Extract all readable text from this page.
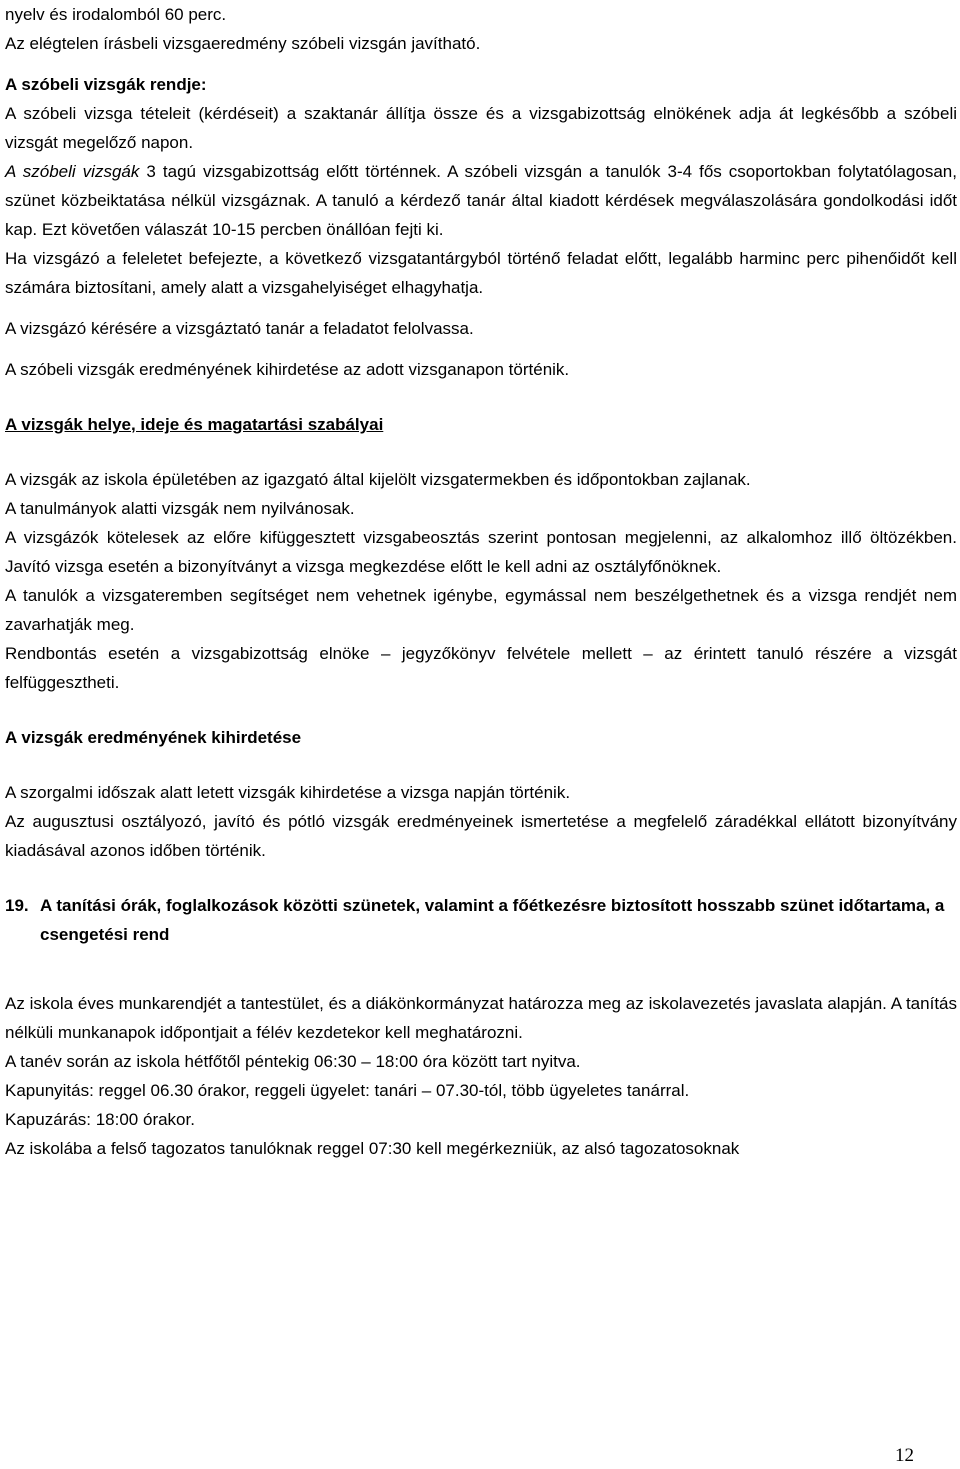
nyelv és irodalomból 60 perc.

Az elégtelen írásbeli vizsgaeredmény szóbeli vizsgán javítható.

A szóbeli vizsgák rendje:

A szóbeli vizsga tételeit (kérdéseit) a szaktanár állítja össze és a vizsgabizottság elnökének adja át legkésőbb a szóbeli vizsgát megelőző napon.

A szóbeli vizsgák 3 tagú vizsgabizottság előtt történnek. A szóbeli vizsgán a tanulók 3-4 fős csoportokban folytatólagosan, szünet közbeiktatása nélkül vizsgáznak. A tanuló a kérdező tanár által kiadott kérdések megválaszolására gondolkodási időt kap. Ezt követően válaszát 10-15 percben önállóan fejti ki.

Ha vizsgázó a feleletet befejezte, a következő vizsgatantárgyból történő feladat előtt, legalább harminc perc pihenőidőt kell számára biztosítani, amely alatt a vizsgahelyiséget elhagyhatja.

A vizsgázó kérésére a vizsgáztató tanár a feladatot felolvassa.

A szóbeli vizsgák eredményének kihirdetése az adott vizsganapon történik.

A vizsgák helye, ideje és magatartási szabályai

A vizsgák az iskola épületében az igazgató által kijelölt vizsgatermekben és időpontokban zajlanak.

A tanulmányok alatti vizsgák nem nyilvánosak.

A vizsgázók kötelesek az előre kifüggesztett vizsgabeosztás szerint pontosan megjelenni, az alkalomhoz illő öltözékben. Javító vizsga esetén a bizonyítványt a vizsga megkezdése előtt le kell adni az osztályfőnöknek.

A tanulók a vizsgateremben segítséget nem vehetnek igénybe, egymással nem beszélgethetnek és a vizsga rendjét nem zavarhatják meg.

Rendbontás esetén a vizsgabizottság elnöke – jegyzőkönyv felvétele mellett – az érintett tanuló részére a vizsgát felfüggesztheti.

A vizsgák eredményének kihirdetése

A szorgalmi időszak alatt letett vizsgák kihirdetése a vizsga napján történik.

Az augusztusi osztályozó, javító és pótló vizsgák eredményeinek ismertetése a megfelelő záradékkal ellátott bizonyítvány kiadásával azonos időben történik.

19. A tanítási órák, foglalkozások közötti szünetek, valamint a főétkezésre biztosított hosszabb szünet időtartama, a csengetési rend

Az iskola éves munkarendjét a tantestület, és a diákönkormányzat határozza meg az iskolavezetés javaslata alapján. A tanítás nélküli munkanapok időpontjait a félév kezdetekor kell meghatározni.

A tanév során az iskola hétfőtől péntekig 06:30 – 18:00 óra között tart nyitva.

Kapunyitás: reggel 06.30 órakor, reggeli ügyelet: tanári – 07.30-tól, több ügyeletes tanárral.

Kapuzárás: 18:00 órakor.

Az iskolába a felső tagozatos tanulóknak reggel 07:30 kell megérkezniük, az alsó tagozatosoknak

12
